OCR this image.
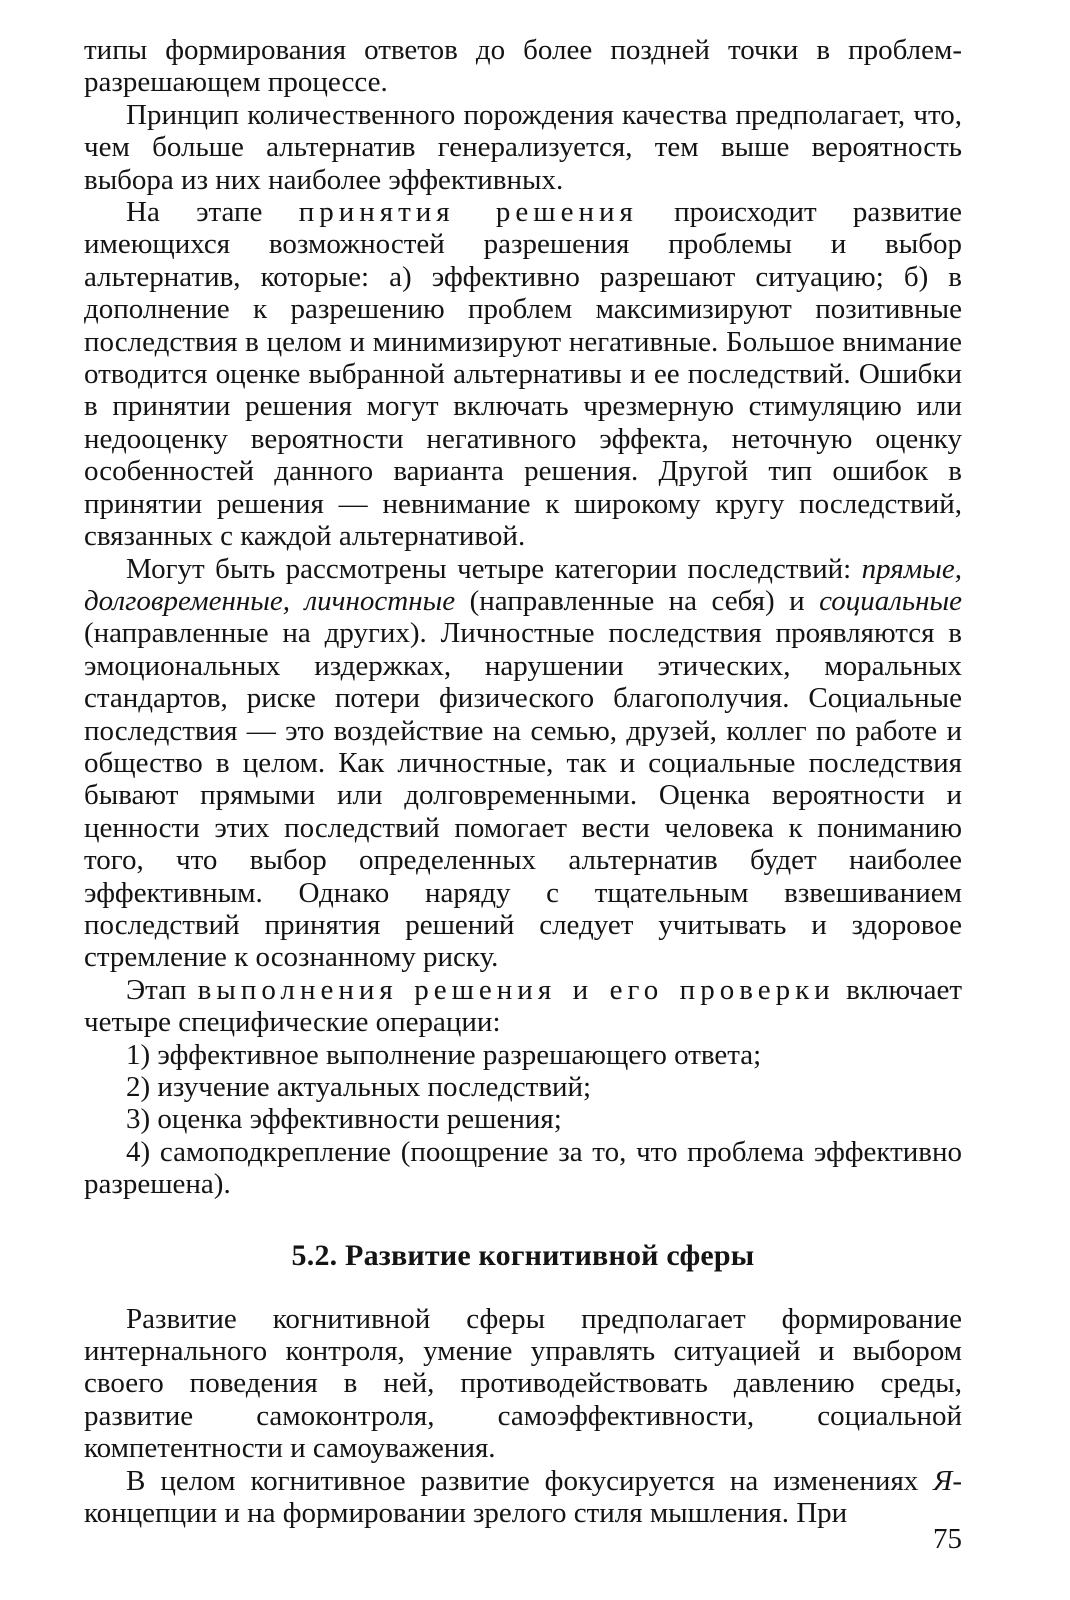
типы формирования ответов до более поздней точки в проблем-разрешающем процессе.

Принцип количественного порождения качества предполагает, что, чем больше альтернатив генерализуется, тем выше вероятность выбора из них наиболее эффективных.

На этапе принятия решения происходит развитие имеющихся возможностей разрешения проблемы и выбор альтернатив, которые: а) эффективно разрешают ситуацию; б) в дополнение к разрешению проблем максимизируют позитивные последствия в целом и минимизируют негативные. Большое внимание отводится оценке выбранной альтернативы и ее последствий. Ошибки в принятии решения могут включать чрезмерную стимуляцию или недооценку вероятности негативного эффекта, неточную оценку особенностей данного варианта решения. Другой тип ошибок в принятии решения — невнимание к широкому кругу последствий, связанных с каждой альтернативой.

Могут быть рассмотрены четыре категории последствий: прямые, долговременные, личностные (направленные на себя) и социальные (направленные на других). Личностные последствия проявляются в эмоциональных издержках, нарушении этических, моральных стандартов, риске потери физического благополучия. Социальные последствия — это воздействие на семью, друзей, коллег по работе и общество в целом. Как личностные, так и социальные последствия бывают прямыми или долговременными. Оценка вероятности и ценности этих последствий помогает вести человека к пониманию того, что выбор определенных альтернатив будет наиболее эффективным. Однако наряду с тщательным взвешиванием последствий принятия решений следует учитывать и здоровое стремление к осознанному риску.

Этап выполнения решения и его проверки включает четыре специфические операции:

1) эффективное выполнение разрешающего ответа;

2) изучение актуальных последствий;

3) оценка эффективности решения;

4) самоподкрепление (поощрение за то, что проблема эффективно разрешена).

5.2. Развитие когнитивной сферы

Развитие когнитивной сферы предполагает формирование интернального контроля, умение управлять ситуацией и выбором своего поведения в ней, противодействовать давлению среды, развитие самоконтроля, самоэффективности, социальной компетентности и самоуважения.

В целом когнитивное развитие фокусируется на изменениях Я-концепции и на формировании зрелого стиля мышления. При

75
